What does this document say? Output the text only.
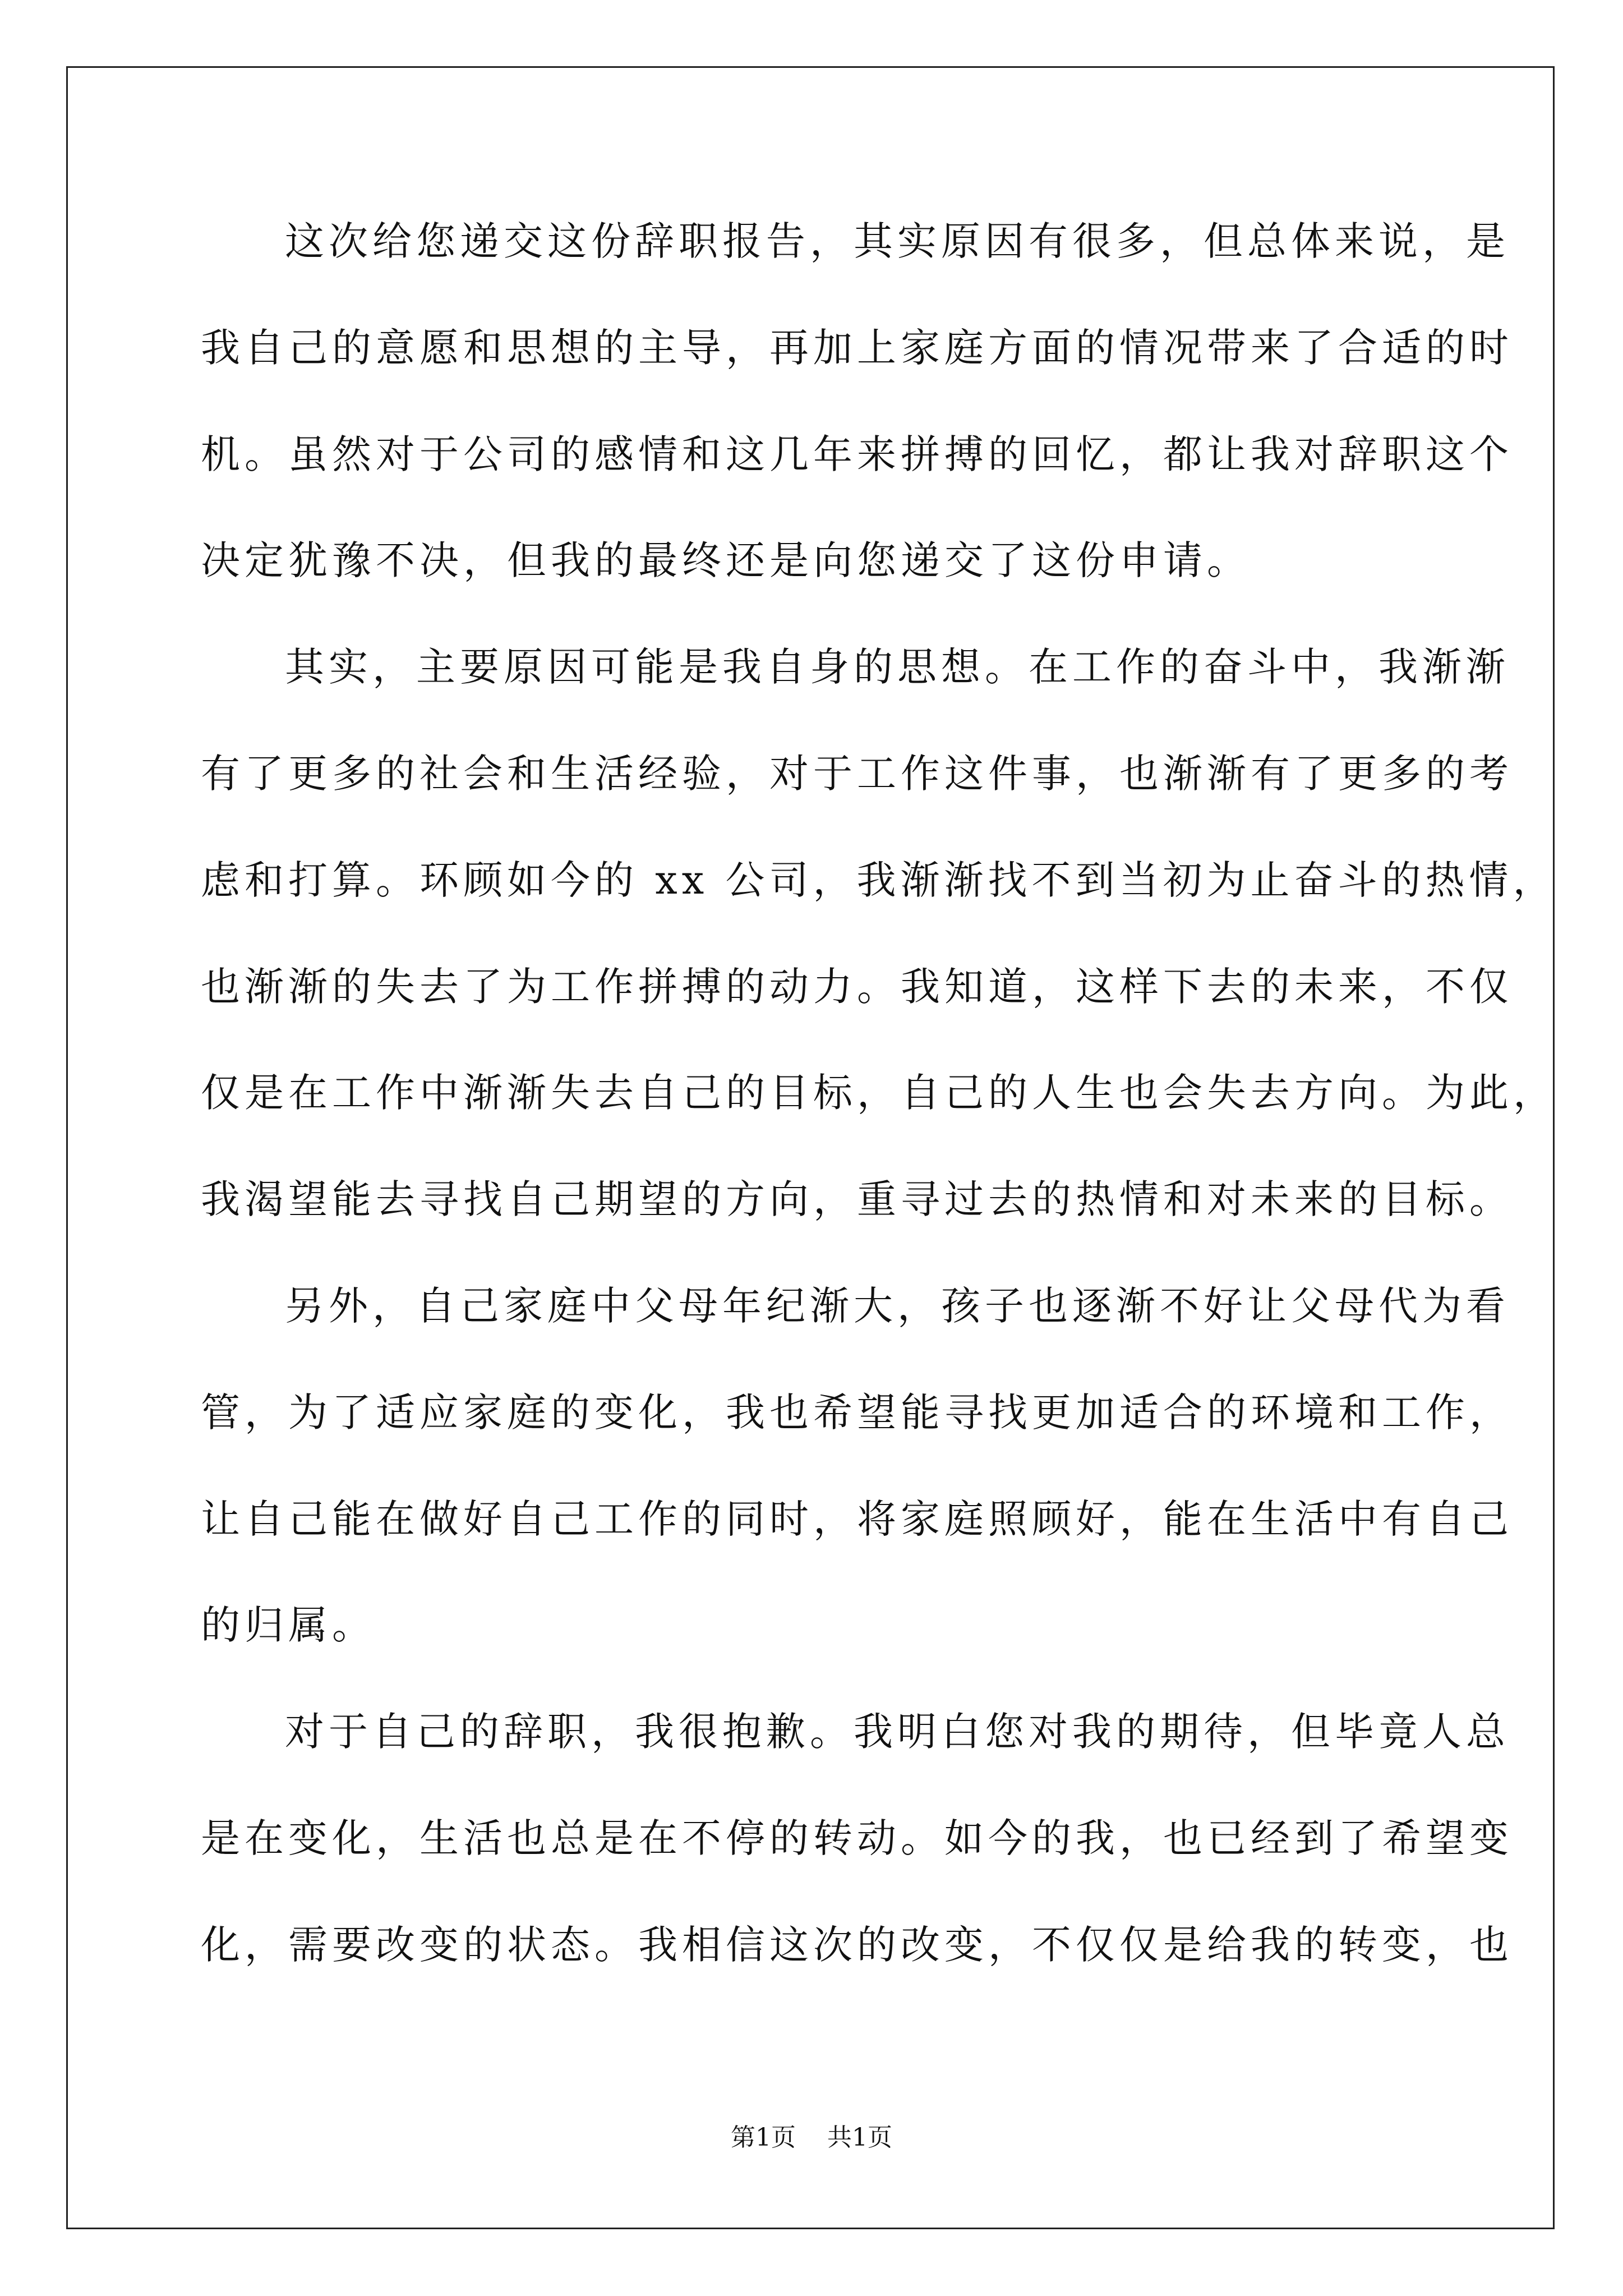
这次给您递交这份辞职报告，其实原因有很多，但总体来说，是
我自己的意愿和思想的主导，再加上家庭方面的情况带来了合适的时
机。虽然对于公司的感情和这几年来拼搏的回忆，都让我对辞职这个
决定犹豫不决，但我的最终还是向您递交了这份申请。
其实，主要原因可能是我自身的思想。在工作的奋斗中，我渐渐
有了更多的社会和生活经验，对于工作这件事，也渐渐有了更多的考
虑和打算。环顾如今的 xx 公司，我渐渐找不到当初为止奋斗的热情，
也渐渐的失去了为工作拼搏的动力。我知道，这样下去的未来，不仅
仅是在工作中渐渐失去自己的目标，自己的人生也会失去方向。为此，
我渴望能去寻找自己期望的方向，重寻过去的热情和对未来的目标。
另外，自己家庭中父母年纪渐大，孩子也逐渐不好让父母代为看
管，为了适应家庭的变化，我也希望能寻找更加适合的环境和工作，
让自己能在做好自己工作的同时，将家庭照顾好，能在生活中有自己
的归属。
对于自己的辞职，我很抱歉。我明白您对我的期待，但毕竟人总
是在变化，生活也总是在不停的转动。如今的我，也已经到了希望变
化，需要改变的状态。我相信这次的改变，不仅仅是给我的转变，也
第1页 共1页
